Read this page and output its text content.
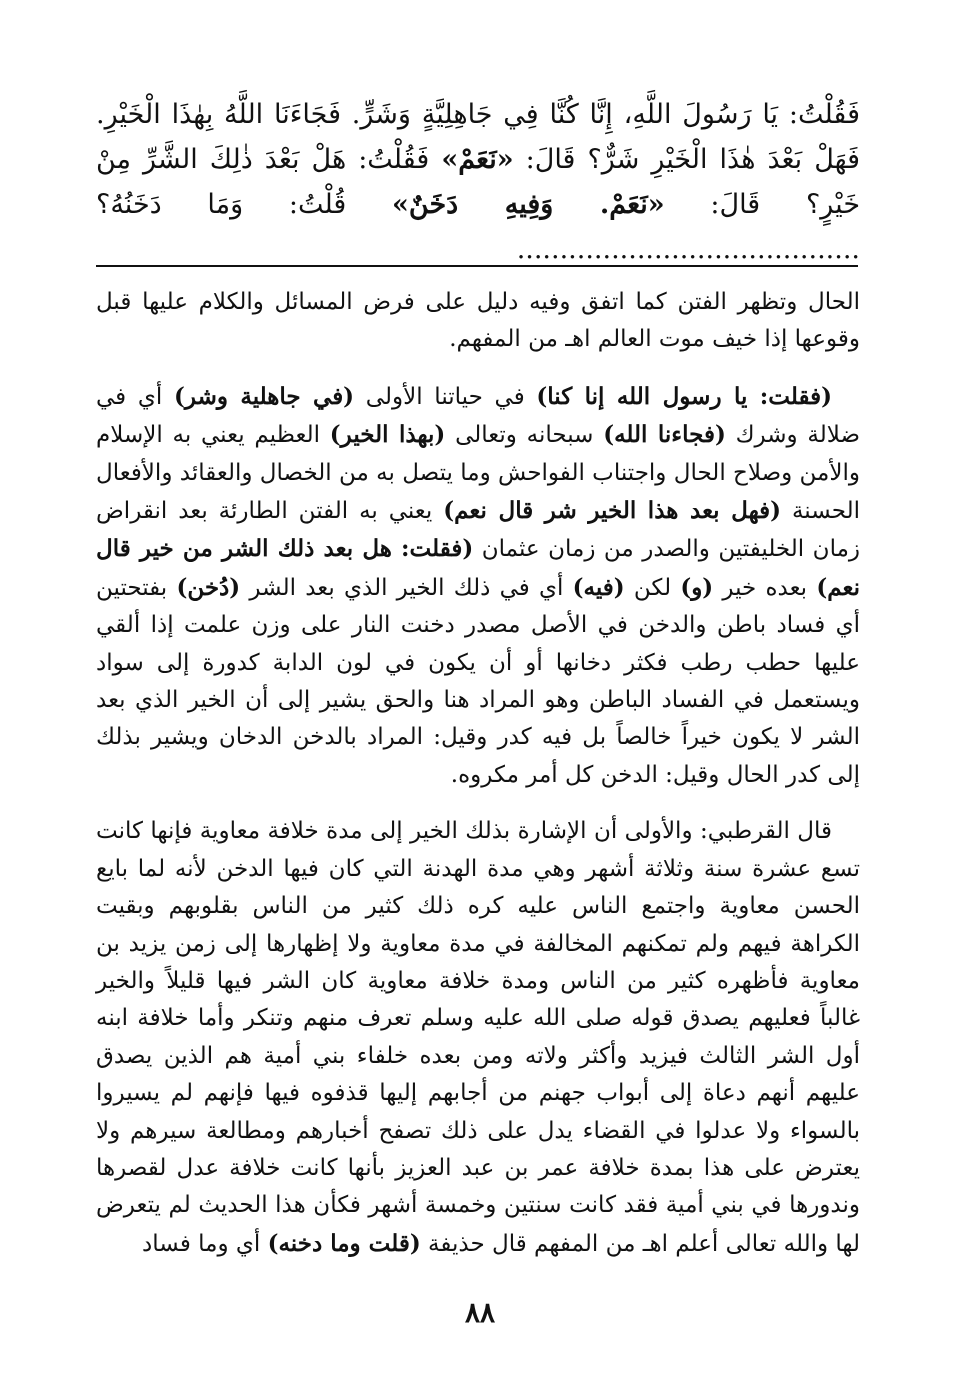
فَقُلْتُ: يَا رَسُولَ اللَّهِ، إِنَّا كُنَّا فِي جَاهِلِيَّةٍ وَشَرٍّ. فَجَاءَنَا اللَّهُ بِهٰذَا الْخَيْرِ. فَهَلْ بَعْدَ هٰذَا الْخَيْرِ شَرٌّ؟ قَالَ: «نَعَمْ» فَقُلْتُ: هَلْ بَعْدَ ذٰلِكَ الشَّرِّ مِنْ خَيْرٍ؟ قَالَ: «نَعَمْ. وَفِيهِ دَخَنٌ» قُلْتُ: وَمَا دَخَنُهُ؟ ........................................

الحال وتظهر الفتن كما اتفق وفيه دليل على فرض المسائل والكلام عليها قبل وقوعها إذا خيف موت العالم اهـ من المفهم.

(فقلت: يا رسول الله إنا كنا) في حياتنا الأولى (في جاهلية وشر) أي في ضلالة وشرك (فجاءنا الله) سبحانه وتعالى (بهذا الخير) العظيم يعني به الإسلام والأمن وصلاح الحال واجتناب الفواحش وما يتصل به من الخصال والعقائد والأفعال الحسنة (فهل بعد هذا الخير شر قال نعم) يعني به الفتن الطارئة بعد انقراض زمان الخليفتين والصدر من زمان عثمان (فقلت: هل بعد ذلك الشر من خير قال نعم) بعده خير (و) لكن (فيه) أي في ذلك الخير الذي بعد الشر (دُخن) بفتحتين أي فساد باطن والدخن في الأصل مصدر دخنت النار على وزن علمت إذا ألقي عليها حطب رطب فكثر دخانها أو أن يكون في لون الدابة كدورة إلى سواد ويستعمل في الفساد الباطن وهو المراد هنا والحق يشير إلى أن الخير الذي بعد الشر لا يكون خيراً خالصاً بل فيه كدر وقيل: المراد بالدخن الدخان ويشير بذلك إلى كدر الحال وقيل: الدخن كل أمر مكروه.

قال القرطبي: والأولى أن الإشارة بذلك الخير إلى مدة خلافة معاوية فإنها كانت تسع عشرة سنة وثلاثة أشهر وهي مدة الهدنة التي كان فيها الدخن لأنه لما بايع الحسن معاوية واجتمع الناس عليه كره ذلك كثير من الناس بقلوبهم وبقيت الكراهة فيهم ولم تمكنهم المخالفة في مدة معاوية ولا إظهارها إلى زمن يزيد بن معاوية فأظهره كثير من الناس ومدة خلافة معاوية كان الشر فيها قليلاً والخير غالباً فعليهم يصدق قوله صلى الله عليه وسلم تعرف منهم وتنكر وأما خلافة ابنه أول الشر الثالث فيزيد وأكثر ولاته ومن بعده خلفاء بني أمية هم الذين يصدق عليهم أنهم دعاة إلى أبواب جهنم من أجابهم إليها قذفوه فيها فإنهم لم يسيروا بالسواء ولا عدلوا في القضاء يدل على ذلك تصفح أخبارهم ومطالعة سيرهم ولا يعترض على هذا بمدة خلافة عمر بن عبد العزيز بأنها كانت خلافة عدل لقصرها وندورها في بني أمية فقد كانت سنتين وخمسة أشهر فكأن هذا الحديث لم يتعرض لها والله تعالى أعلم اهـ من المفهم قال حذيفة (قلت وما دخنه) أي وما فساد

٨٨
